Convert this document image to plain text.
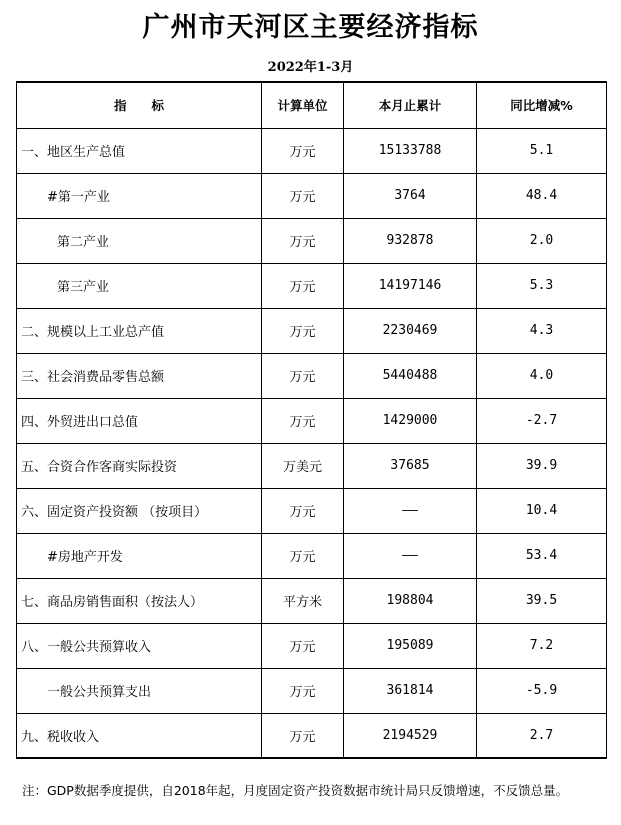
广州市天河区主要经济指标
2022年1-3月
指　　标	计算单位	本月止累计	同比增减%
一、地区生产总值	万元	15133788	5.1
#第一产业	万元	3764	48.4
第二产业	万元	932878	2.0
第三产业	万元	14197146	5.3
二、规模以上工业总产值	万元	2230469	4.3
三、社会消费品零售总额	万元	5440488	4.0
四、外贸进出口总值	万元	1429000	-2.7
五、合资合作客商实际投资	万美元	37685	39.9
六、固定资产投资额 （按项目）	万元	——	10.4
#房地产开发	万元	——	53.4
七、商品房销售面积（按法人）	平方米	198804	39.5
八、一般公共预算收入	万元	195089	7.2
一般公共预算支出	万元	361814	-5.9
九、税收收入	万元	2194529	2.7
注：GDP数据季度提供，自2018年起，月度固定资产投资数据市统计局只反馈增速，不反馈总量。
